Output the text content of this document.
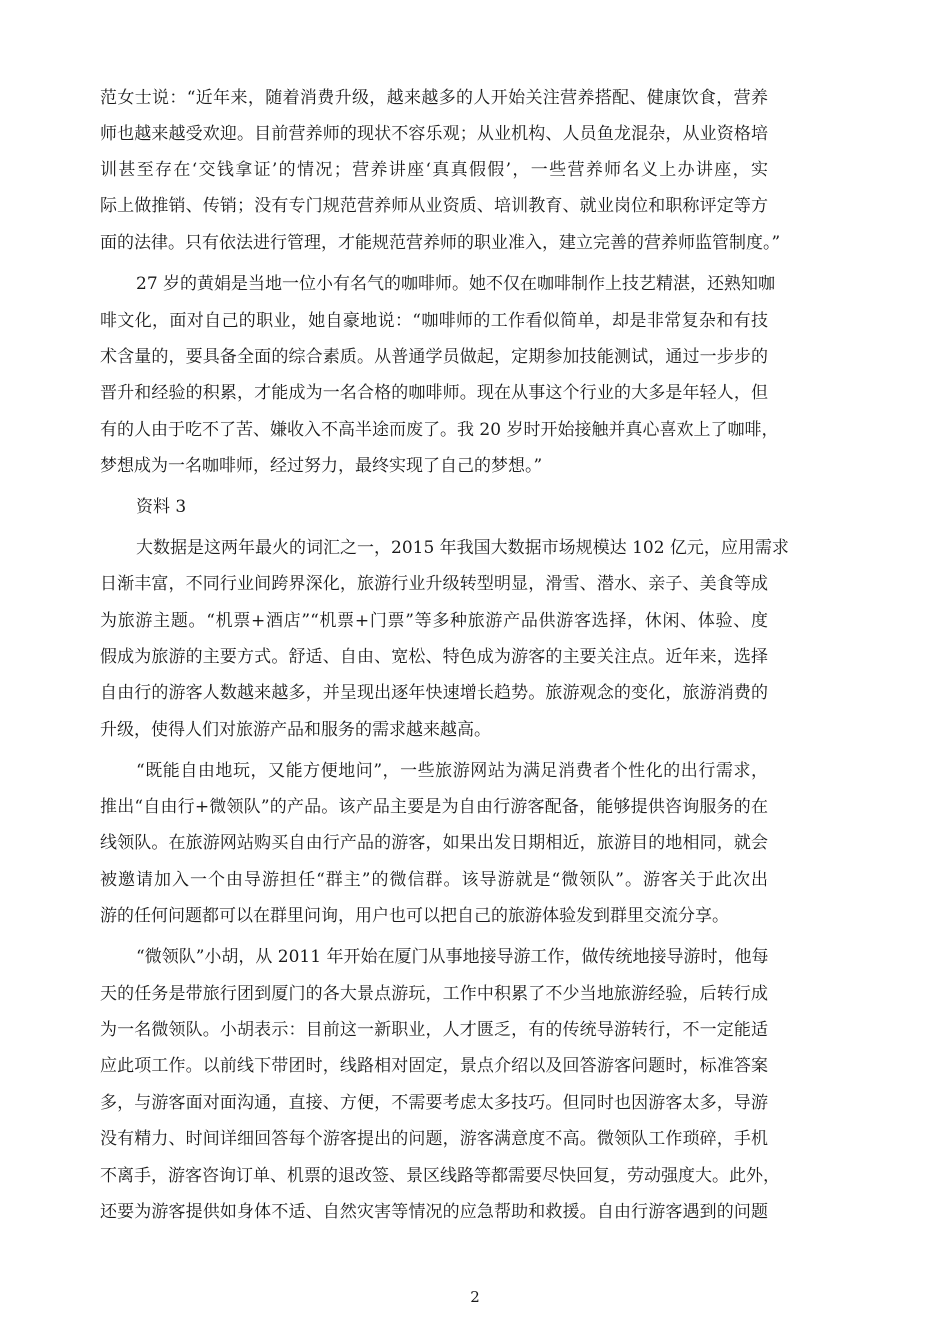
范女士说：“近年来，随着消费升级，越来越多的人开始关注营养搭配、健康饮食，营养
师也越来越受欢迎。目前营养师的现状不容乐观；从业机构、人员鱼龙混杂，从业资格培
训甚至存在‘交钱拿证’的情况；营养讲座‘真真假假’，一些营养师名义上办讲座，实
际上做推销、传销；没有专门规范营养师从业资质、培训教育、就业岗位和职称评定等方
面的法律。只有依法进行管理，才能规范营养师的职业准入，建立完善的营养师监管制度。”
27 岁的黄娟是当地一位小有名气的咖啡师。她不仅在咖啡制作上技艺精湛，还熟知咖
啡文化，面对自己的职业，她自豪地说：“咖啡师的工作看似简单，却是非常复杂和有技
术含量的，要具备全面的综合素质。从普通学员做起，定期参加技能测试，通过一步步的
晋升和经验的积累，才能成为一名合格的咖啡师。现在从事这个行业的大多是年轻人，但
有的人由于吃不了苦、嫌收入不高半途而废了。我 20 岁时开始接触并真心喜欢上了咖啡，
梦想成为一名咖啡师，经过努力，最终实现了自己的梦想。”
资料 3
大数据是这两年最火的词汇之一，2015 年我国大数据市场规模达 102 亿元，应用需求
日渐丰富，不同行业间跨界深化，旅游行业升级转型明显，滑雪、潜水、亲子、美食等成
为旅游主题。“机票+酒店”“机票+门票”等多种旅游产品供游客选择，休闲、体验、度
假成为旅游的主要方式。舒适、自由、宽松、特色成为游客的主要关注点。近年来，选择
自由行的游客人数越来越多，并呈现出逐年快速增长趋势。旅游观念的变化，旅游消费的
升级，使得人们对旅游产品和服务的需求越来越高。
“既能自由地玩，又能方便地问”，一些旅游网站为满足消费者个性化的出行需求，
推出“自由行+微领队”的产品。该产品主要是为自由行游客配备，能够提供咨询服务的在
线领队。在旅游网站购买自由行产品的游客，如果出发日期相近，旅游目的地相同，就会
被邀请加入一个由导游担任“群主”的微信群。该导游就是“微领队”。游客关于此次出
游的任何问题都可以在群里问询，用户也可以把自己的旅游体验发到群里交流分享。
“微领队”小胡，从 2011 年开始在厦门从事地接导游工作，做传统地接导游时，他每
天的任务是带旅行团到厦门的各大景点游玩，工作中积累了不少当地旅游经验，后转行成
为一名微领队。小胡表示：目前这一新职业，人才匮乏，有的传统导游转行，不一定能适
应此项工作。以前线下带团时，线路相对固定，景点介绍以及回答游客问题时，标准答案
多，与游客面对面沟通，直接、方便，不需要考虑太多技巧。但同时也因游客太多，导游
没有精力、时间详细回答每个游客提出的问题，游客满意度不高。微领队工作琐碎，手机
不离手，游客咨询订单、机票的退改签、景区线路等都需要尽快回复，劳动强度大。此外，
还要为游客提供如身体不适、自然灾害等情况的应急帮助和救援。自由行游客遇到的问题
2
